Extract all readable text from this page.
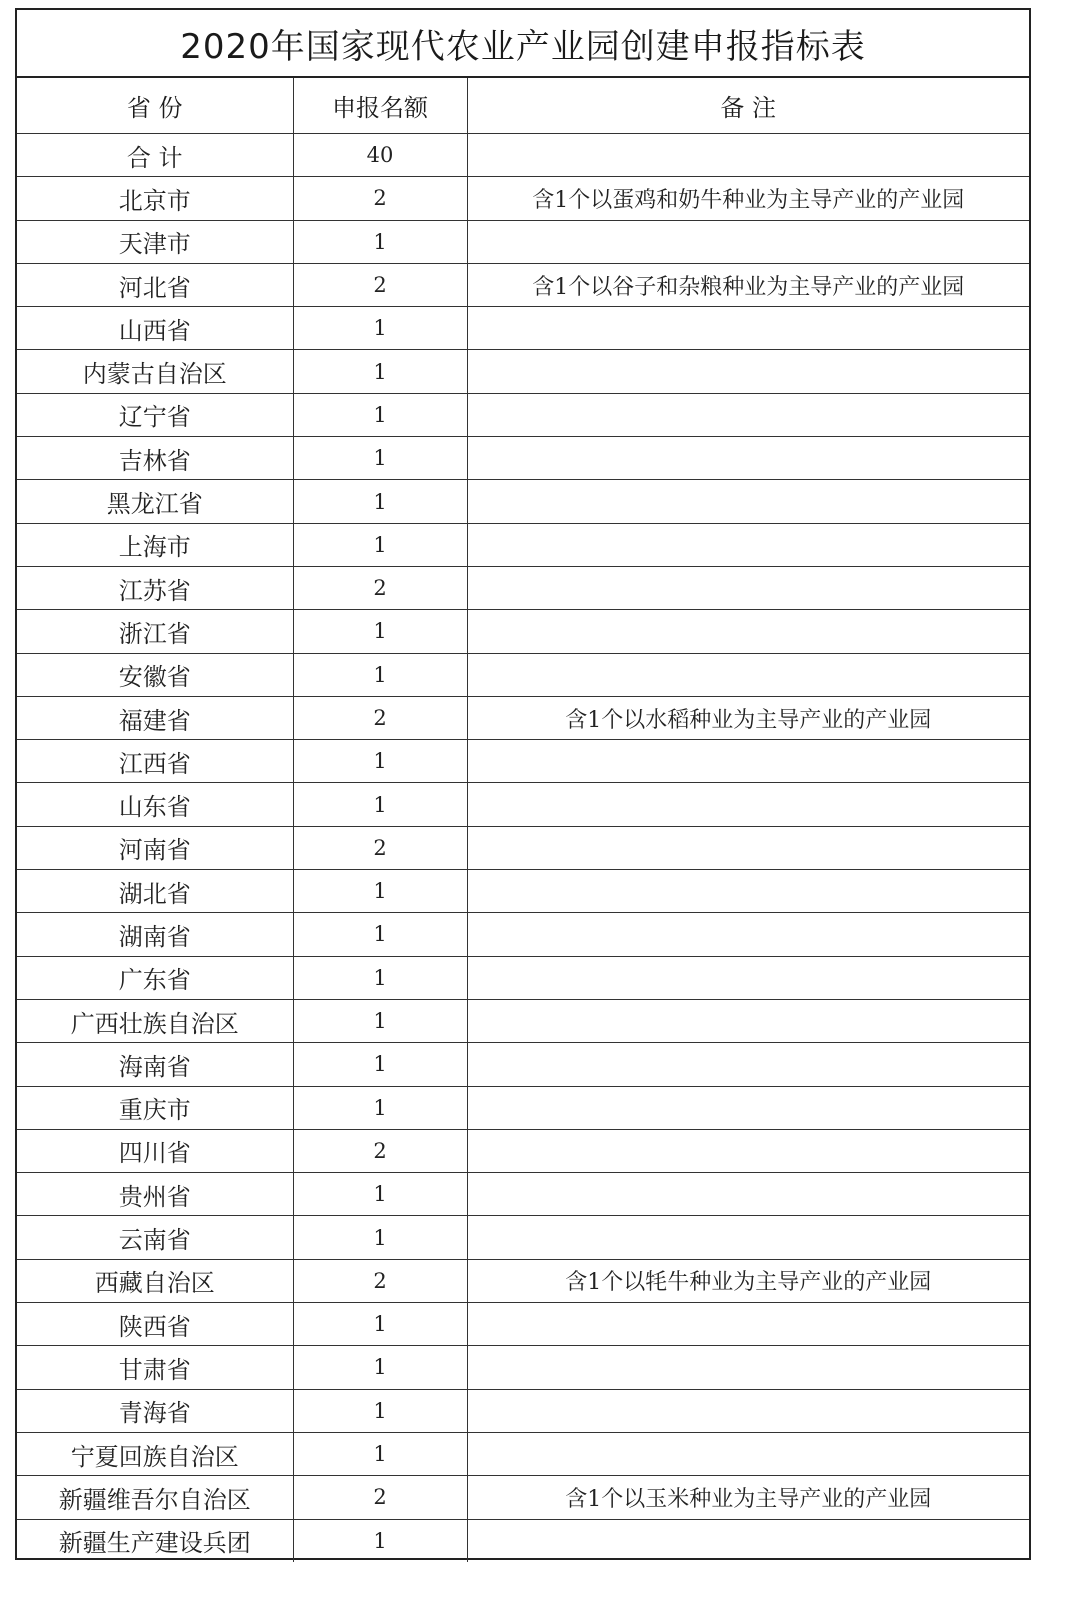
2020年国家现代农业产业园创建申报指标表
省 份	申报名额	备 注
合 计	40	
北京市	2	含1个以蛋鸡和奶牛种业为主导产业的产业园
天津市	1	
河北省	2	含1个以谷子和杂粮种业为主导产业的产业园
山西省	1	
内蒙古自治区	1	
辽宁省	1	
吉林省	1	
黑龙江省	1	
上海市	1	
江苏省	2	
浙江省	1	
安徽省	1	
福建省	2	含1个以水稻种业为主导产业的产业园
江西省	1	
山东省	1	
河南省	2	
湖北省	1	
湖南省	1	
广东省	1	
广西壮族自治区	1	
海南省	1	
重庆市	1	
四川省	2	
贵州省	1	
云南省	1	
西藏自治区	2	含1个以牦牛种业为主导产业的产业园
陕西省	1	
甘肃省	1	
青海省	1	
宁夏回族自治区	1	
新疆维吾尔自治区	2	含1个以玉米种业为主导产业的产业园
新疆生产建设兵团	1	
